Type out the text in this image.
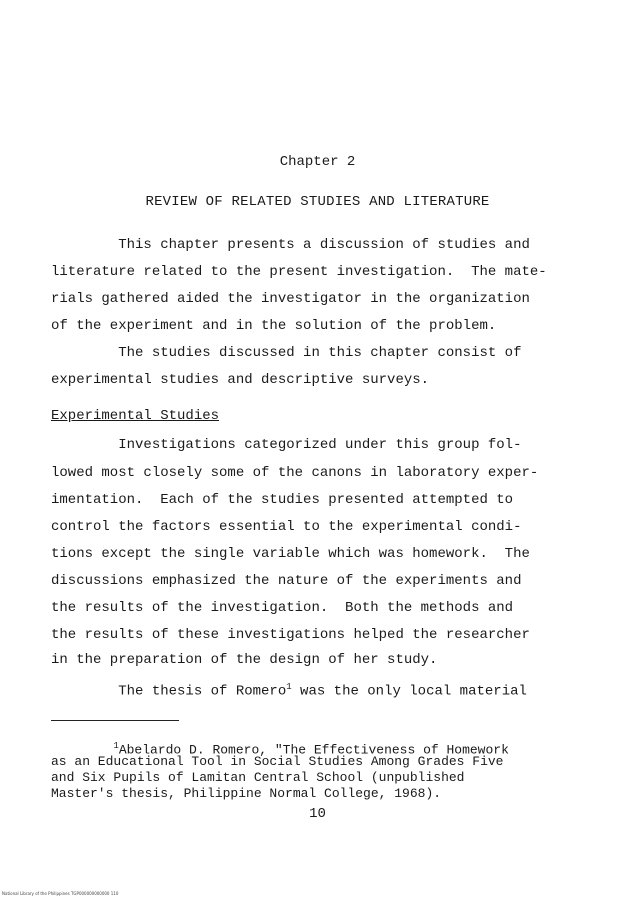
Chapter 2
REVIEW OF RELATED STUDIES AND LITERATURE
This chapter presents a discussion of studies and
literature related to the present investigation.  The mate-
rials gathered aided the investigator in the organization
of the experiment and in the solution of the problem.
The studies discussed in this chapter consist of
experimental studies and descriptive surveys.
Experimental Studies
Investigations categorized under this group fol-
lowed most closely some of the canons in laboratory exper-
imentation.  Each of the studies presented attempted to
control the factors essential to the experimental condi-
tions except the single variable which was homework.  The
discussions emphasized the nature of the experiments and
the results of the investigation.  Both the methods and
the results of these investigations helped the researcher
in the preparation of the design of her study.
The thesis of Romero$^1$ was the only local material
$^1$Abelardo D. Romero, "The Effectiveness of Homework
as an Educational Tool in Social Studies Among Grades Five
and Six Pupils of Lamitan Central School (unpublished
Master's thesis, Philippine Normal College, 1968).
10
National Library of the Philippines TGP000000000000 110
